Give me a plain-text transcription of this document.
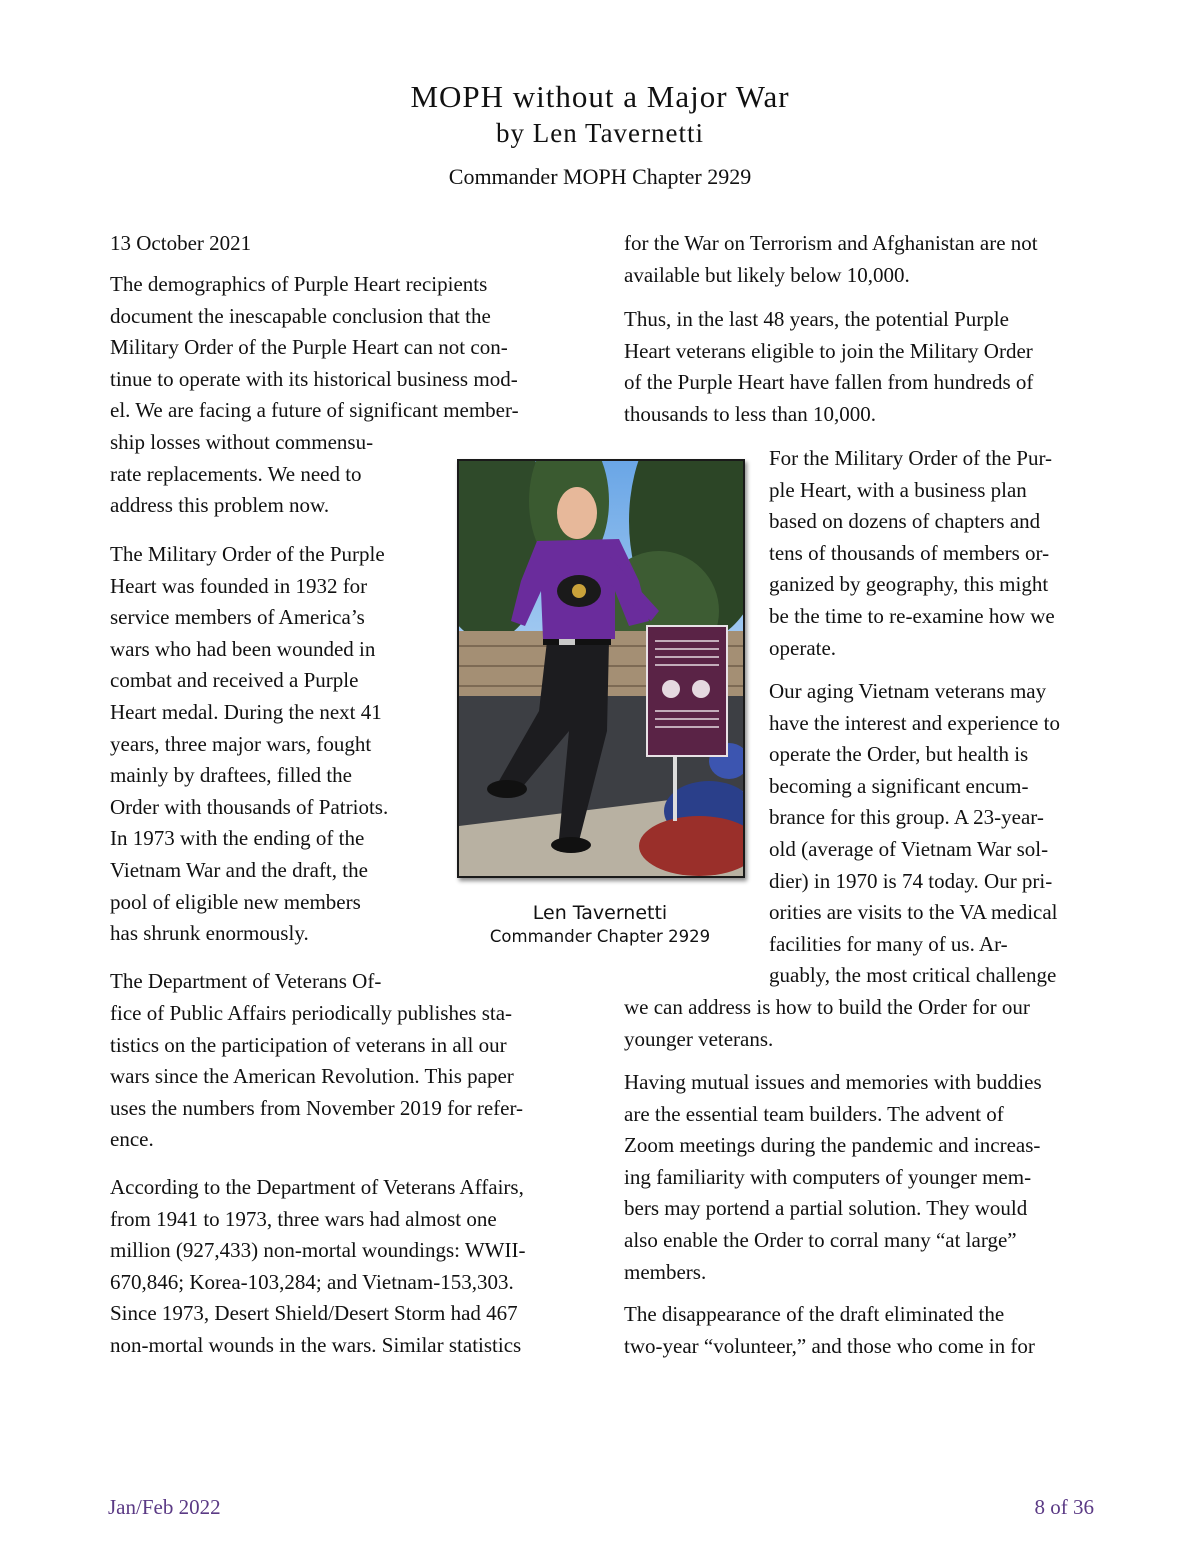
MOPH without a Major War
by Len Tavernetti
Commander MOPH Chapter 2929

13 October 2021

The demographics of Purple Heart recipients
document the inescapable conclusion that the
Military Order of the Purple Heart can not con-
tinue to operate with its historical business mod-
el. We are facing a future of significant member-

ship losses without commensu-
rate replacements. We need to
address this problem now.

The Military Order of the Purple
Heart was founded in 1932 for
service members of America’s
wars who had been wounded in
combat and received a Purple
Heart medal. During the next 41
years, three major wars, fought
mainly by draftees, filled the
Order with thousands of Patriots.
In 1973 with the ending of the
Vietnam War and the draft, the
pool of eligible new members
has shrunk enormously.

The Department of Veterans Of-

fice of Public Affairs periodically publishes sta-
tistics on the participation of veterans in all our
wars since the American Revolution. This paper
uses the numbers from November 2019 for refer-
ence.

According to the Department of Veterans Affairs,
from 1941 to 1973, three wars had almost one
million (927,433) non-mortal woundings: WWII-
670,846; Korea-103,284; and Vietnam-153,303.
Since 1973, Desert Shield/Desert Storm had 467
non-mortal wounds in the wars. Similar statistics

for the War on Terrorism and Afghanistan are not
available but likely below 10,000.

Thus, in the last 48 years, the potential Purple
Heart veterans eligible to join the Military Order
of the Purple Heart have fallen from hundreds of
thousands to less than 10,000.

For the Military Order of the Pur-
ple Heart, with a business plan
based on dozens of chapters and
tens of thousands of members or-
ganized by geography, this might
be the time to re-examine how we
operate.

Our aging Vietnam veterans may
have the interest and experience to
operate the Order, but health is
becoming a significant encum-
brance for this group. A 23-year-
old (average of Vietnam War sol-
dier) in 1970 is 74 today. Our pri-
orities are visits to the VA medical
facilities for many of us. Ar-
guably, the most critical challenge

we can address is how to build the Order for our
younger veterans.

Having mutual issues and memories with buddies
are the essential team builders. The advent of
Zoom meetings during the pandemic and increas-
ing familiarity with computers of younger mem-
bers may portend a partial solution. They would
also enable the Order to corral many “at large”
members.

The disappearance of the draft eliminated the
two-year “volunteer,” and those who come in for

Len Tavernetti
Commander Chapter 2929
Jan/Feb 2022	8 of 36
